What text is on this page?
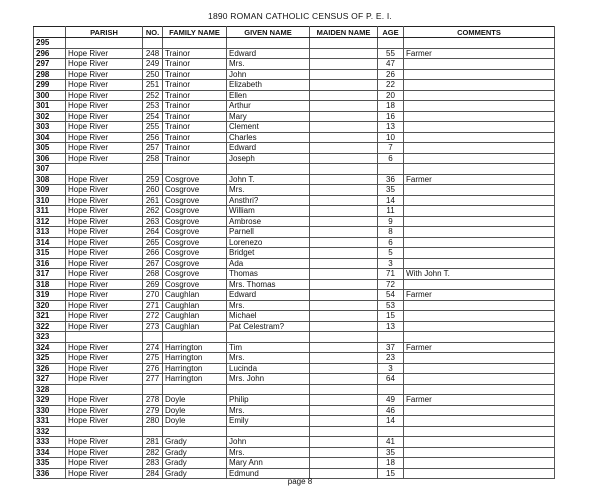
1890 ROMAN CATHOLIC CENSUS OF P. E. I.
	PARISH	NO.	FAMILY NAME	GIVEN NAME	MAIDEN NAME	AGE	COMMENTS
295							
296	Hope River	248	Trainor	Edward		55	Farmer
297	Hope River	249	Trainor	Mrs.		47	
298	Hope River	250	Trainor	John		26	
299	Hope River	251	Trainor	Elizabeth		22	
300	Hope River	252	Trainor	Ellen		20	
301	Hope River	253	Trainor	Arthur		18	
302	Hope River	254	Trainor	Mary		16	
303	Hope River	255	Trainor	Clement		13	
304	Hope River	256	Trainor	Charles		10	
305	Hope River	257	Trainor	Edward		7	
306	Hope River	258	Trainor	Joseph		6	
307							
308	Hope River	259	Cosgrove	John T.		36	Farmer
309	Hope River	260	Cosgrove	Mrs.		35	
310	Hope River	261	Cosgrove	Ansthri?		14	
311	Hope River	262	Cosgrove	William		11	
312	Hope River	263	Cosgrove	Ambrose		9	
313	Hope River	264	Cosgrove	Parnell		8	
314	Hope River	265	Cosgrove	Lorenezo		6	
315	Hope River	266	Cosgrove	Bridget		5	
316	Hope River	267	Cosgrove	Ada		3	
317	Hope River	268	Cosgrove	Thomas		71	With John T.
318	Hope River	269	Cosgrove	Mrs. Thomas		72	
319	Hope River	270	Caughlan	Edward		54	Farmer
320	Hope River	271	Caughlan	Mrs.		53	
321	Hope River	272	Caughlan	Michael		15	
322	Hope River	273	Caughlan	Pat Celestram?		13	
323							
324	Hope River	274	Harrington	Tim		37	Farmer
325	Hope River	275	Harrington	Mrs.		23	
326	Hope River	276	Harrington	Lucinda		3	
327	Hope River	277	Harrington	Mrs. John		64	
328							
329	Hope River	278	Doyle	Philip		49	Farmer
330	Hope River	279	Doyle	Mrs.		46	
331	Hope River	280	Doyle	Emily		14	
332							
333	Hope River	281	Grady	John		41	
334	Hope River	282	Grady	Mrs.		35	
335	Hope River	283	Grady	Mary Ann		18	
336	Hope River	284	Grady	Edmund		15	
page 8
